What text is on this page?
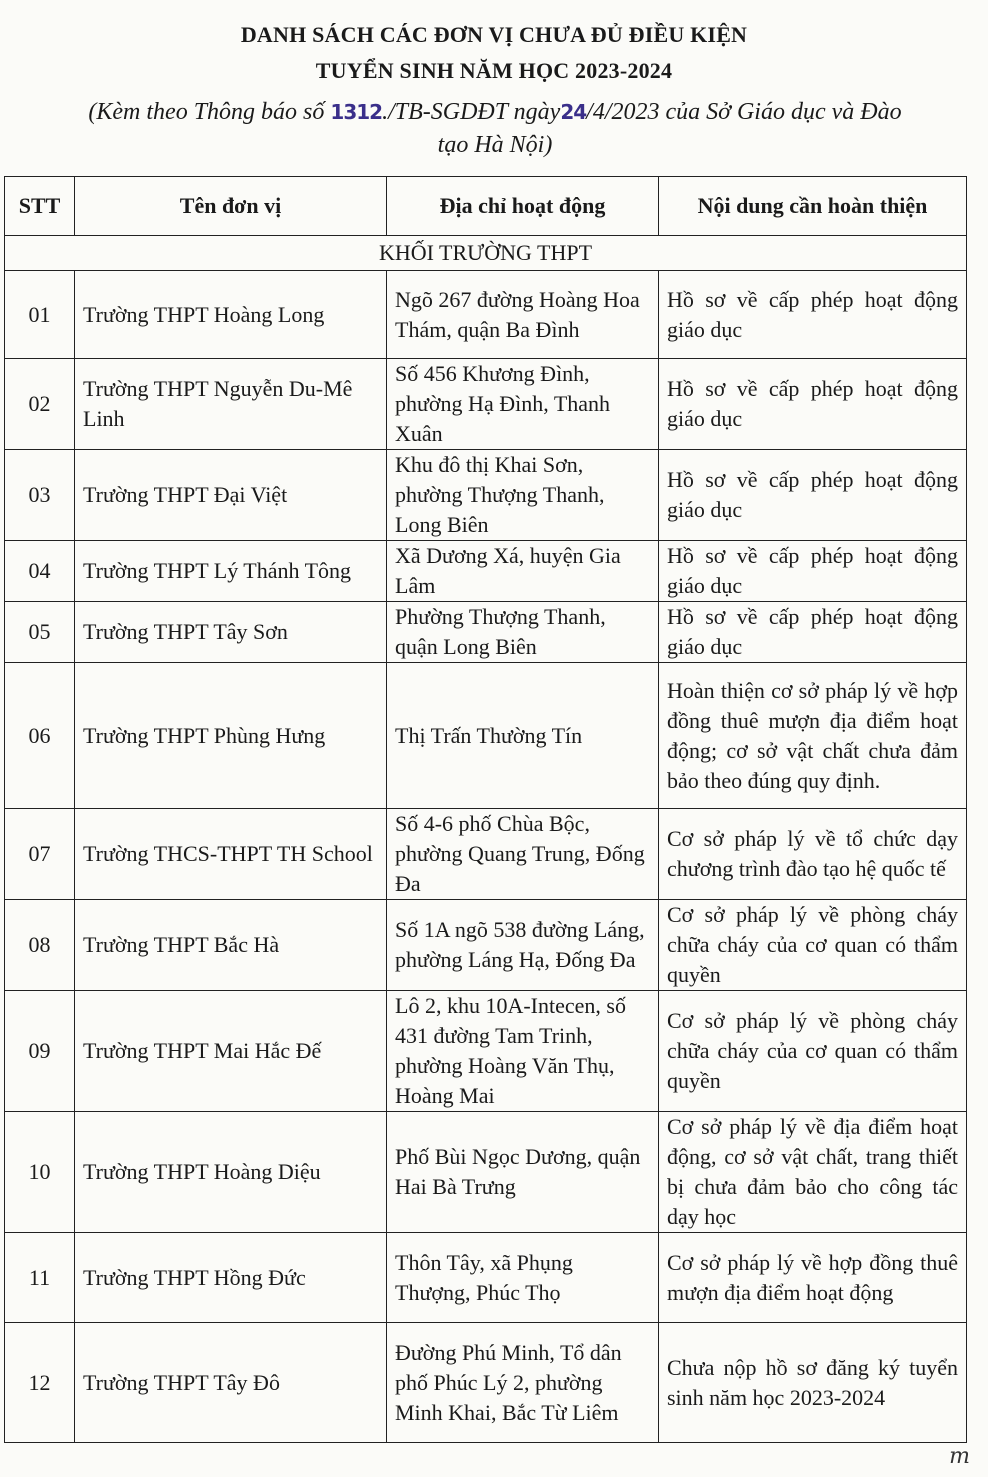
DANH SÁCH CÁC ĐƠN VỊ CHƯA ĐỦ ĐIỀU KIỆN
TUYỂN SINH NĂM HỌC 2023-2024
(Kèm theo Thông báo số 1312./TB-SGDĐT ngày24/4/2023 của Sở Giáo dục và Đào tạo Hà Nội)
STT	Tên đơn vị	Địa chỉ hoạt động	Nội dung cần hoàn thiện
KHỐI TRƯỜNG THPT			
01	Trường THPT Hoàng Long	Ngõ 267 đường Hoàng Hoa Thám, quận Ba Đình	Hồ sơ về cấp phép hoạt động giáo dục
02	Trường THPT Nguyễn Du-Mê Linh	Số 456 Khương Đình, phường Hạ Đình, Thanh Xuân	Hồ sơ về cấp phép hoạt động giáo dục
03	Trường THPT Đại Việt	Khu đô thị Khai Sơn, phường Thượng Thanh, Long Biên	Hồ sơ về cấp phép hoạt động giáo dục
04	Trường THPT Lý Thánh Tông	Xã Dương Xá, huyện Gia Lâm	Hồ sơ về cấp phép hoạt động giáo dục
05	Trường THPT Tây Sơn	Phường Thượng Thanh, quận Long Biên	Hồ sơ về cấp phép hoạt động giáo dục
06	Trường THPT Phùng Hưng	Thị Trấn Thường Tín	Hoàn thiện cơ sở pháp lý về hợp đồng thuê mượn địa điểm hoạt động; cơ sở vật chất chưa đảm bảo theo đúng quy định.
07	Trường THCS-THPT TH School	Số 4-6 phố Chùa Bộc, phường Quang Trung, Đống Đa	Cơ sở pháp lý về tổ chức dạy chương trình đào tạo hệ quốc tế
08	Trường THPT Bắc Hà	Số 1A ngõ 538 đường Láng, phường Láng Hạ, Đống Đa	Cơ sở pháp lý về phòng cháy chữa cháy của cơ quan có thẩm quyền
09	Trường THPT Mai Hắc Đế	Lô 2, khu 10A-Intecen, số 431 đường Tam Trinh, phường Hoàng Văn Thụ, Hoàng Mai	Cơ sở pháp lý về phòng cháy chữa cháy của cơ quan có thẩm quyền
10	Trường THPT Hoàng Diệu	Phố Bùi Ngọc Dương, quận Hai Bà Trưng	Cơ sở pháp lý về địa điểm hoạt động, cơ sở vật chất, trang thiết bị chưa đảm bảo cho công tác dạy học
11	Trường THPT Hồng Đức	Thôn Tây, xã Phụng Thượng, Phúc Thọ	Cơ sở pháp lý về hợp đồng thuê mượn địa điểm hoạt động
12	Trường THPT Tây Đô	Đường Phú Minh, Tổ dân phố Phúc Lý 2, phường Minh Khai, Bắc Từ Liêm	Chưa nộp hồ sơ đăng ký tuyển sinh năm học 2023-2024
m
